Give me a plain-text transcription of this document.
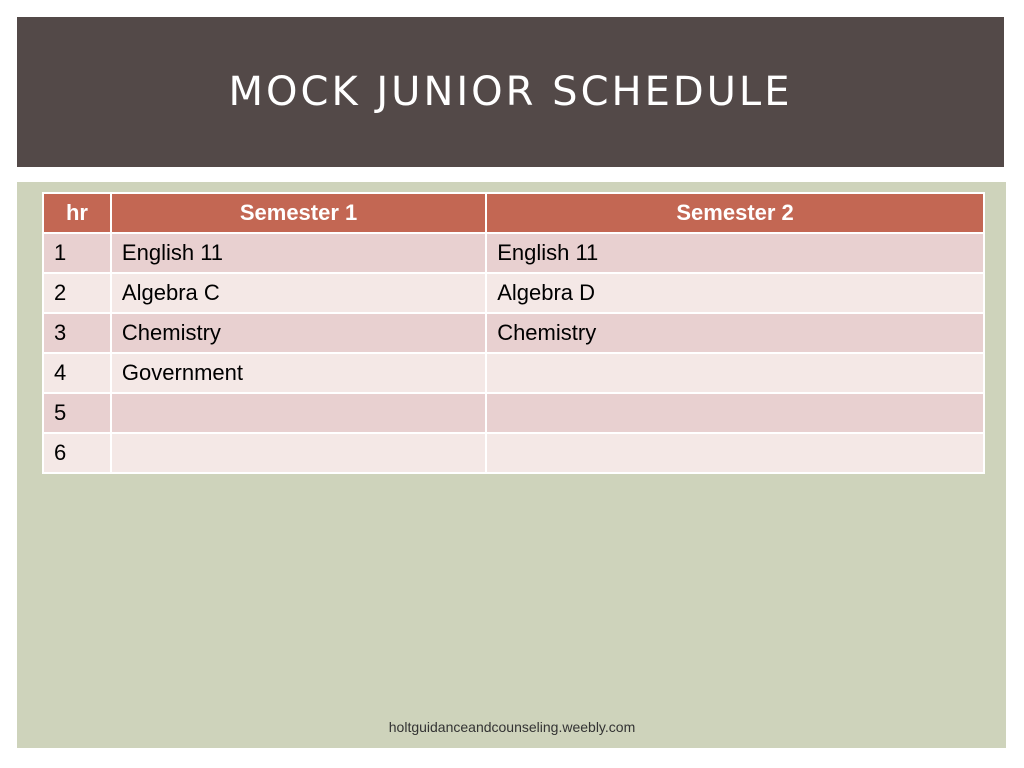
MOCK JUNIOR SCHEDULE
hr	Semester 1	Semester 2
1	English 11	English 11
2	Algebra C	Algebra D
3	Chemistry	Chemistry
4	Government	
5		
6		
holtguidanceandcounseling.weebly.com
